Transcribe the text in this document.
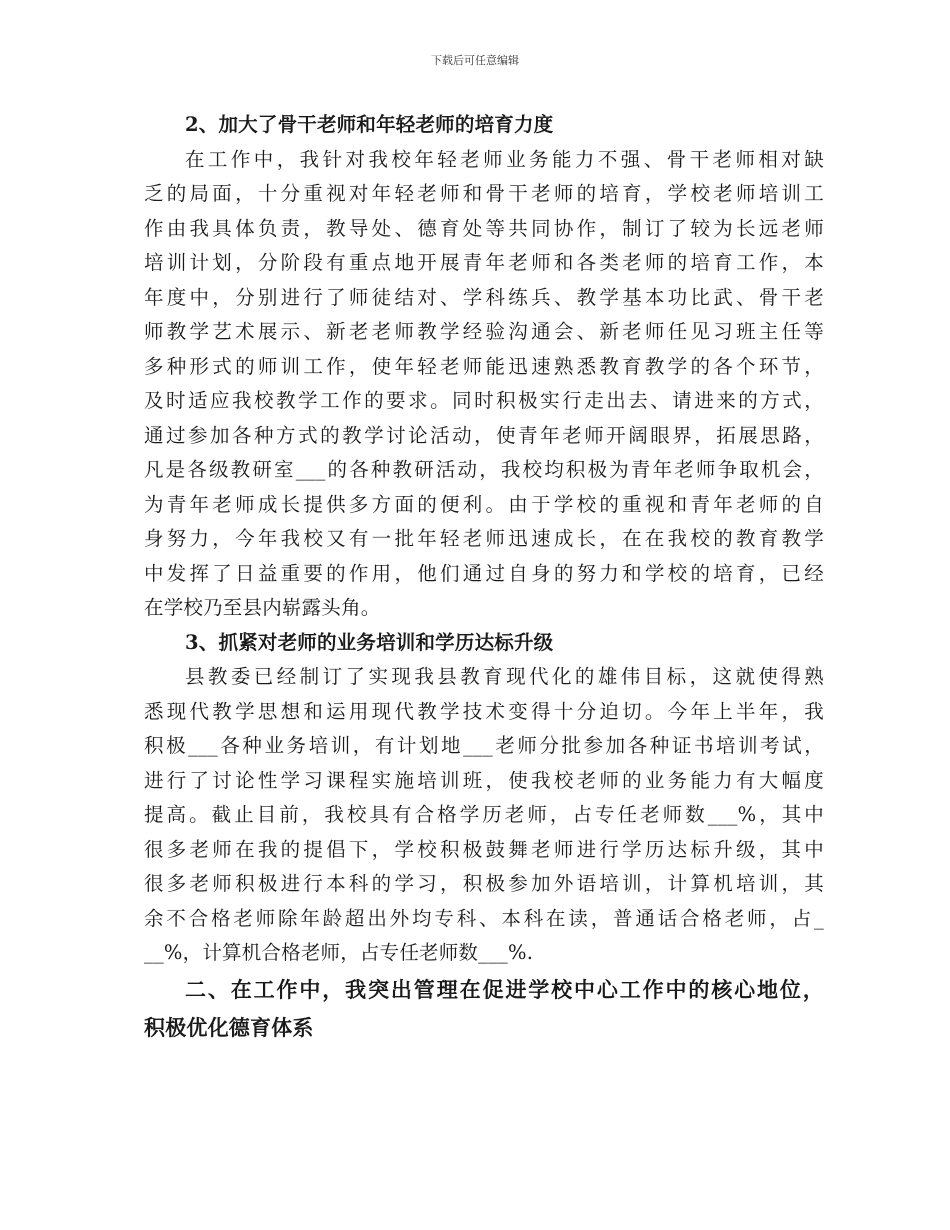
下载后可任意编辑
2、加大了骨干老师和年轻老师的培育力度
在工作中，我针对我校年轻老师业务能力不强、骨干老师相对缺
乏的局面，十分重视对年轻老师和骨干老师的培育，学校老师培训工
作由我具体负责，教导处、德育处等共同协作，制订了较为长远老师
培训计划，分阶段有重点地开展青年老师和各类老师的培育工作，本
年度中，分别进行了师徒结对、学科练兵、教学基本功比武、骨干老
师教学艺术展示、新老老师教学经验沟通会、新老师任见习班主任等
多种形式的师训工作，使年轻老师能迅速熟悉教育教学的各个环节，
及时适应我校教学工作的要求。同时积极实行走出去、请进来的方式，
通过参加各种方式的教学讨论活动，使青年老师开阔眼界，拓展思路，
凡是各级教研室___的各种教研活动，我校均积极为青年老师争取机会，
为青年老师成长提供多方面的便利。由于学校的重视和青年老师的自
身努力，今年我校又有一批年轻老师迅速成长，在在我校的教育教学
中发挥了日益重要的作用，他们通过自身的努力和学校的培育，已经
在学校乃至县内崭露头角。
3、抓紧对老师的业务培训和学历达标升级
县教委已经制订了实现我县教育现代化的雄伟目标，这就使得熟
悉现代教学思想和运用现代教学技术变得十分迫切。今年上半年，我
积极___各种业务培训，有计划地___老师分批参加各种证书培训考试，
进行了讨论性学习课程实施培训班，使我校老师的业务能力有大幅度
提高。截止目前，我校具有合格学历老师，占专任老师数___%，其中
很多老师在我的提倡下，学校积极鼓舞老师进行学历达标升级，其中
很多老师积极进行本科的学习，积极参加外语培训，计算机培训，其
余不合格老师除年龄超出外均专科、本科在读，普通话合格老师，占_
__%，计算机合格老师，占专任老师数___%.
二、在工作中，我突出管理在促进学校中心工作中的核心地位，
积极优化德育体系
